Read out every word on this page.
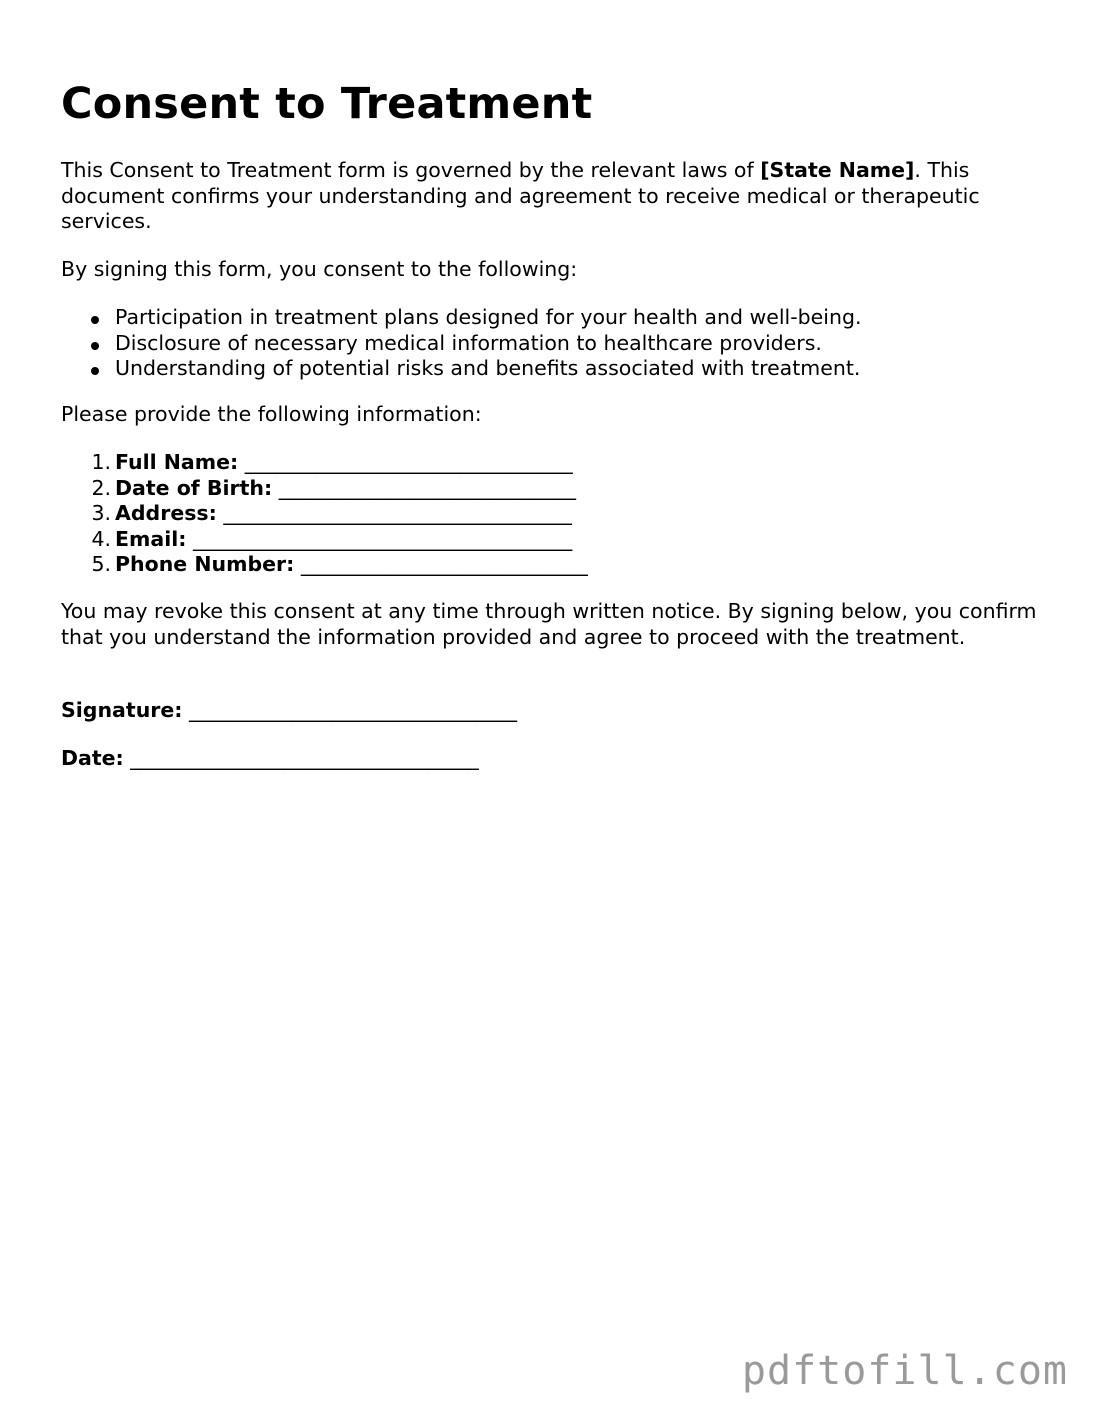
Consent to Treatment

This Consent to Treatment form is governed by the relevant laws of [State Name]. This document confirms your understanding and agreement to receive medical or therapeutic services.

By signing this form, you consent to the following:

Participation in treatment plans designed for your health and well-being.
Disclosure of necessary medical information to healthcare providers.
Understanding of potential risks and benefits associated with treatment.

Please provide the following information:

1. Full Name: ________________________________
2. Date of Birth: _____________________________
3. Address: __________________________________
4. Email: _____________________________________
5. Phone Number: ____________________________

You may revoke this consent at any time through written notice. By signing below, you confirm that you understand the information provided and agree to proceed with the treatment.

Signature: ________________________________

Date: __________________________________

pdftofill.com
